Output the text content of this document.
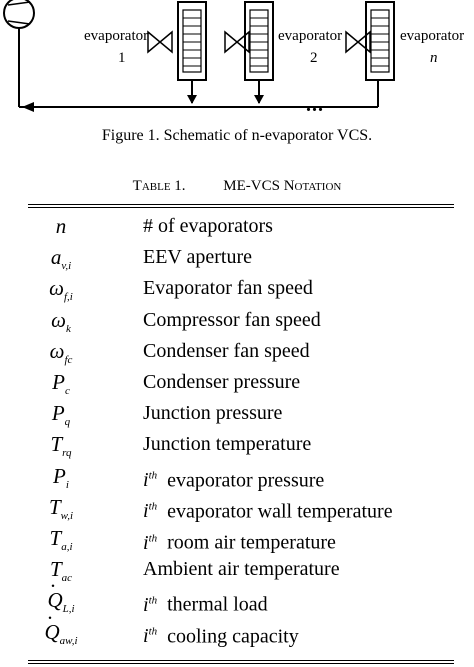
evaporator
1
evaporator
2
evaporator
n
...
Figure 1. Schematic of n-evaporator VCS.
Table 1.	ME-VCS Notation
n	# of evaporators
$a_{v,i}$	EEV aperture
$\omega_{f,i}$	Evaporator fan speed
$\omega_k$	Compressor fan speed
$\omega_{fc}$	Condenser fan speed
$P_c$	Condenser pressure
$P_q$	Junction pressure
$T_{rq}$	Junction temperature
$P_i$	$i^{th}$ evaporator pressure
$T_{w,i}$	$i^{th}$ evaporator wall temperature
$T_{a,i}$	$i^{th}$ room air temperature
$T_{ac}$	Ambient air temperature
· $Q_{L,i}$	$i^{th}$ thermal load
· $Q_{aw,i}$	$i^{th}$ cooling capacity
